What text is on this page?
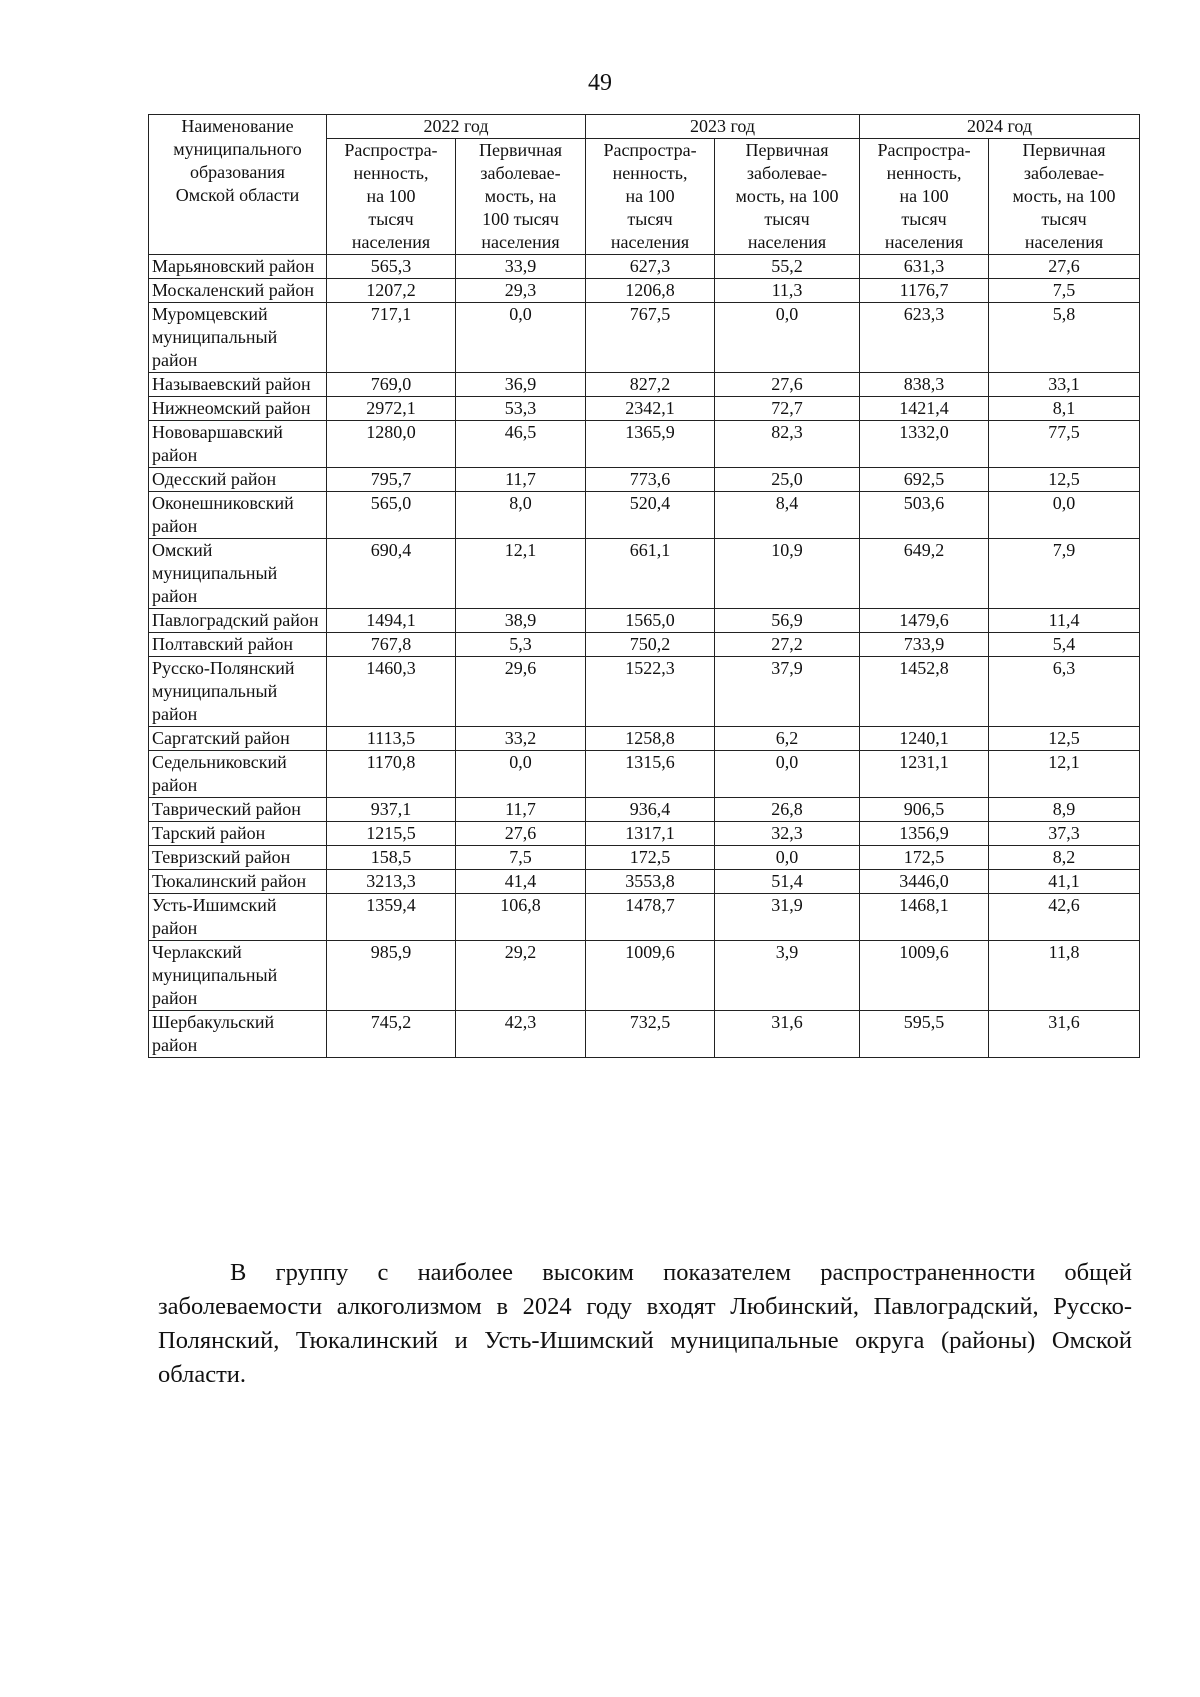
49
Наименование
муниципального
образования
Омской области	2022 год		2023 год		2024 год	
	Распростра-
ненность,
на 100
тысяч
населения	Первичная
заболевае-
мость, на
100 тысяч
населения	Распростра-
ненность,
на 100
тысяч
населения	Первичная
заболевае-
мость, на 100
тысяч
населения	Распростра-
ненность,
на 100
тысяч
населения	Первичная
заболевае-
мость, на 100
тысяч
населения
Марьяновский район	565,3	33,9	627,3	55,2	631,3	27,6
Москаленский район	1207,2	29,3	1206,8	11,3	1176,7	7,5
Муромцевский муниципальный район	717,1	0,0	767,5	0,0	623,3	5,8
Называевский район	769,0	36,9	827,2	27,6	838,3	33,1
Нижнеомский район	2972,1	53,3	2342,1	72,7	1421,4	8,1
Нововаршавский район	1280,0	46,5	1365,9	82,3	1332,0	77,5
Одесский район	795,7	11,7	773,6	25,0	692,5	12,5
Оконешниковский район	565,0	8,0	520,4	8,4	503,6	0,0
Омский муниципальный район	690,4	12,1	661,1	10,9	649,2	7,9
Павлоградский район	1494,1	38,9	1565,0	56,9	1479,6	11,4
Полтавский район	767,8	5,3	750,2	27,2	733,9	5,4
Русско-Полянский муниципальный район	1460,3	29,6	1522,3	37,9	1452,8	6,3
Саргатский район	1113,5	33,2	1258,8	6,2	1240,1	12,5
Седельниковский район	1170,8	0,0	1315,6	0,0	1231,1	12,1
Таврический район	937,1	11,7	936,4	26,8	906,5	8,9
Тарский район	1215,5	27,6	1317,1	32,3	1356,9	37,3
Тевризский район	158,5	7,5	172,5	0,0	172,5	8,2
Тюкалинский район	3213,3	41,4	3553,8	51,4	3446,0	41,1
Усть-Ишимский район	1359,4	106,8	1478,7	31,9	1468,1	42,6
Черлакский муниципальный район	985,9	29,2	1009,6	3,9	1009,6	11,8
Шербакульский район	745,2	42,3	732,5	31,6	595,5	31,6

В группу с наиболее высоким показателем распространенности общей заболеваемости алкоголизмом в 2024 году входят Любинский, Павлоградский, Русско-Полянский, Тюкалинский и Усть-Ишимский муниципальные округа (районы) Омской области.
